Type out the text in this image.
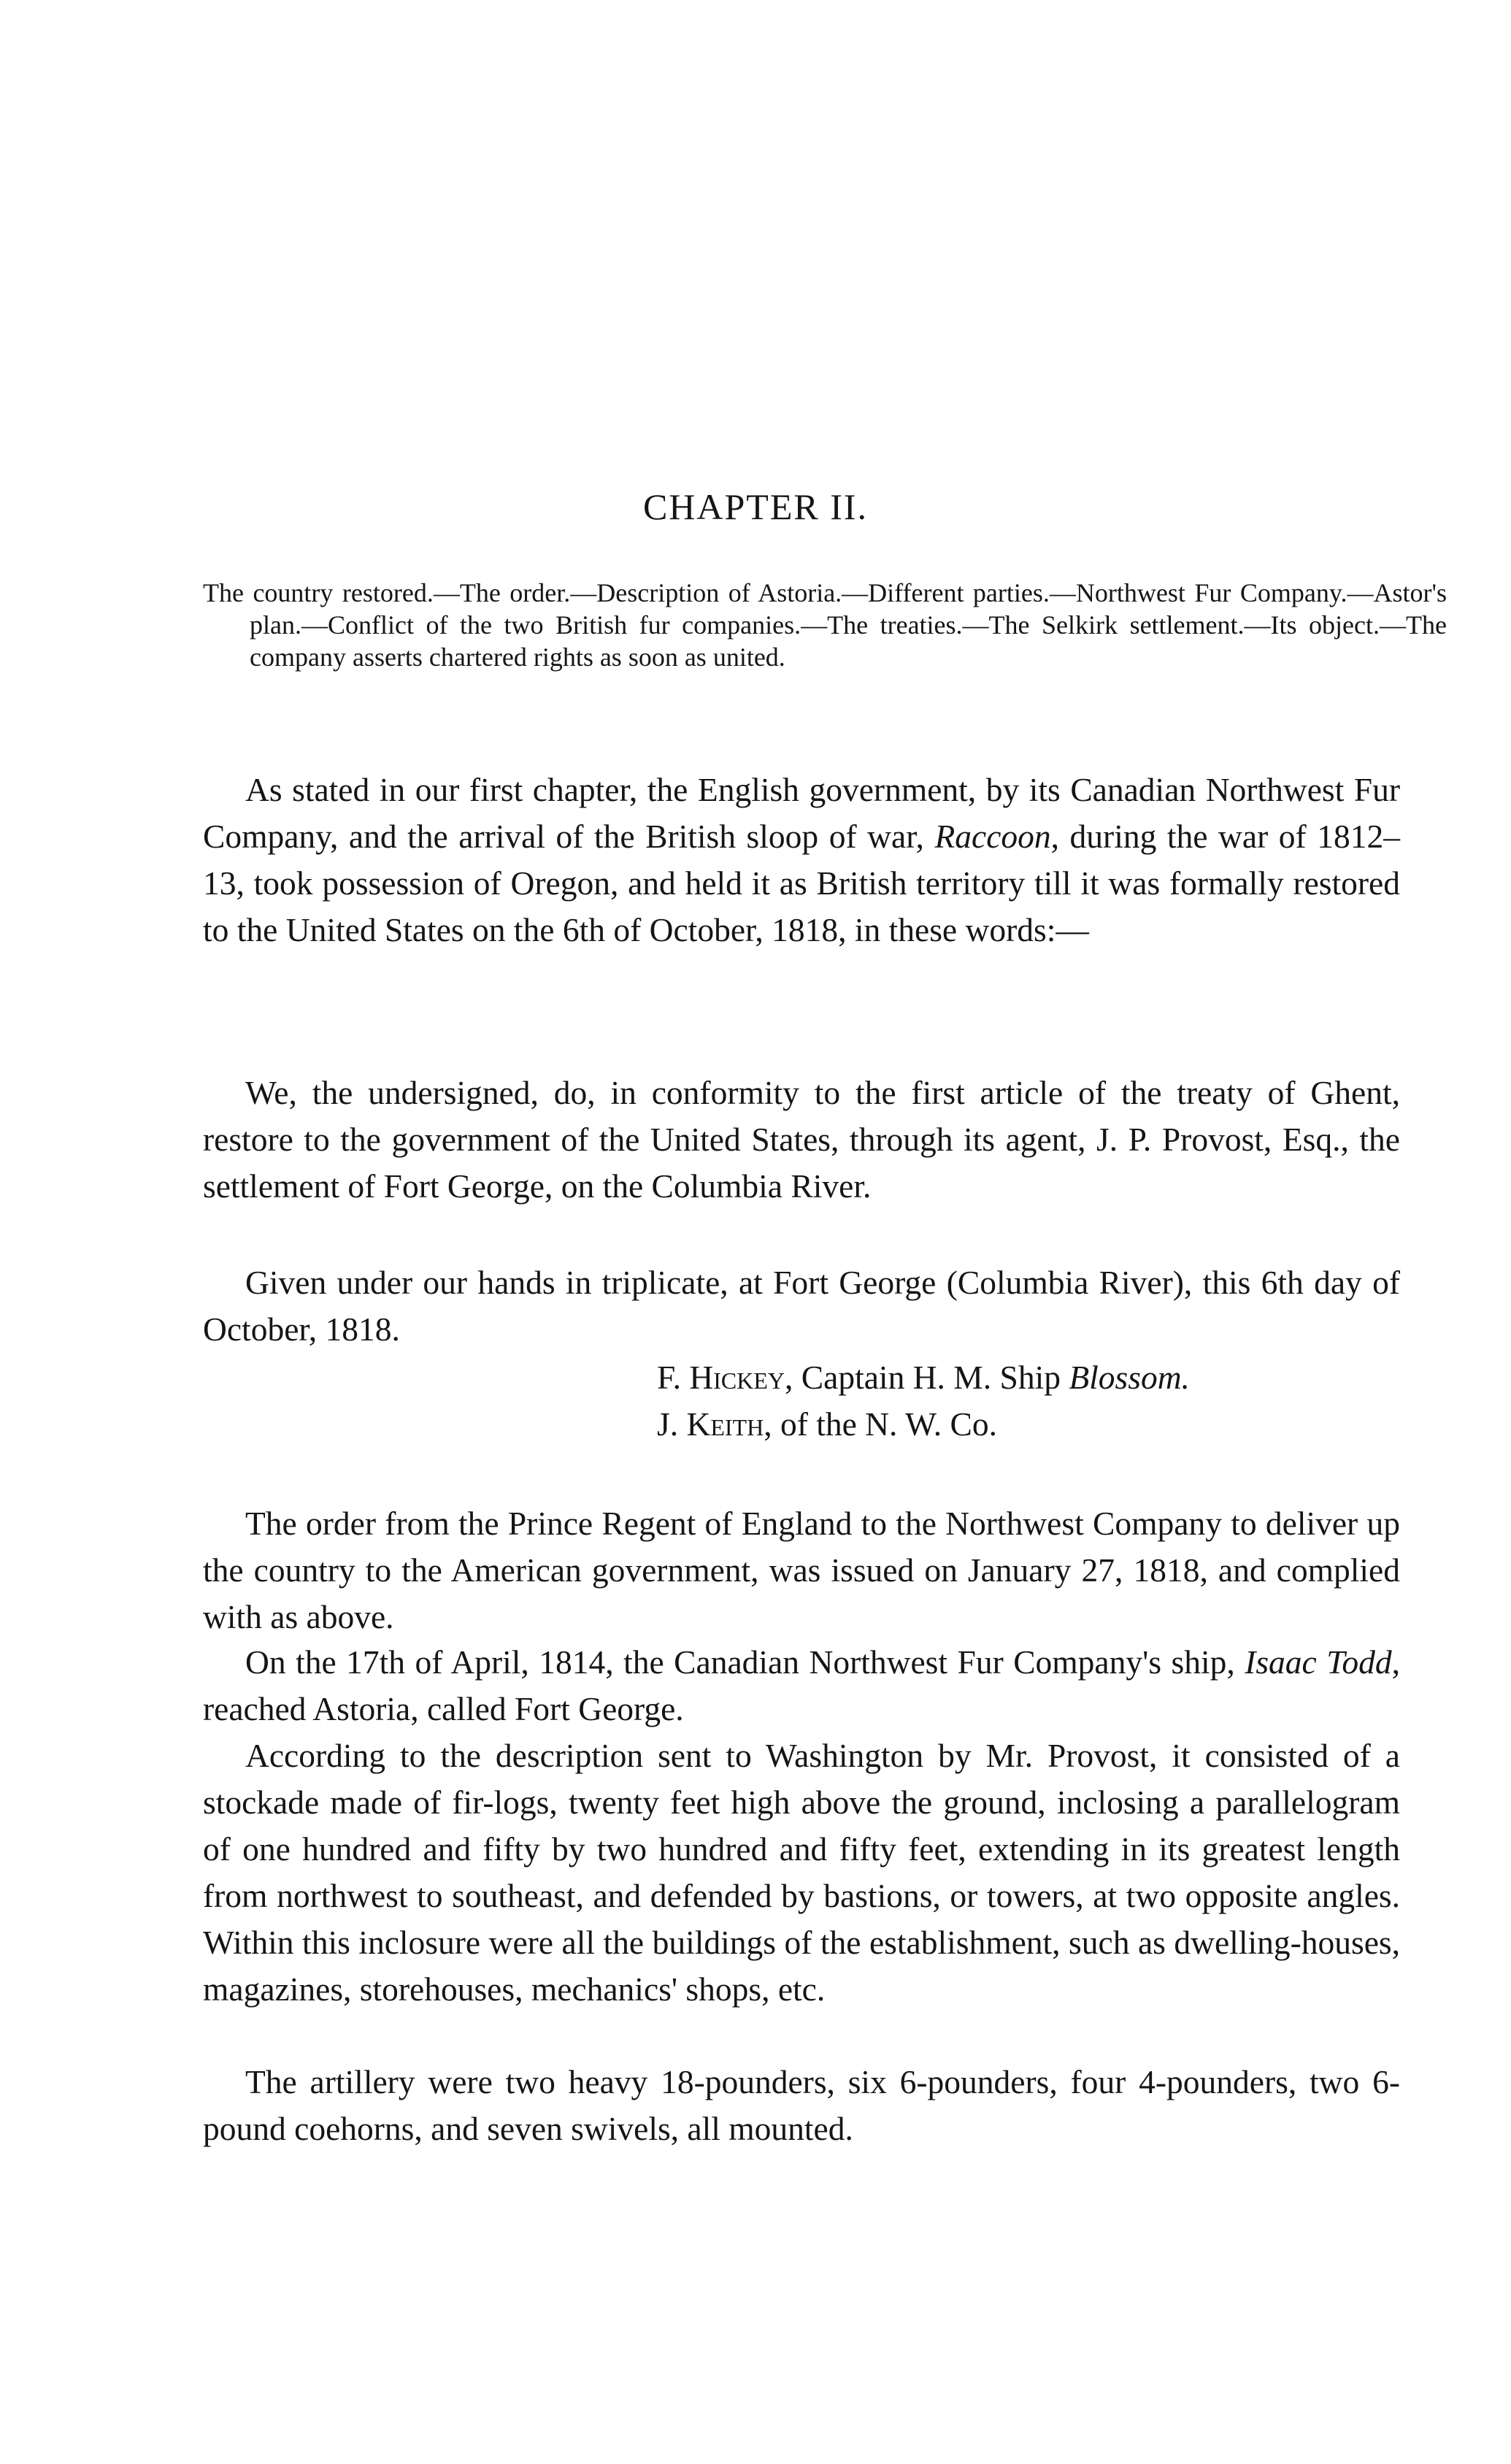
CHAPTER II.

The country restored.—The order.—Description of Astoria.—Different parties.—Northwest Fur Company.—Astor's plan.—Conflict of the two British fur companies.—The treaties.—The Selkirk settlement.—Its object.—The company asserts chartered rights as soon as united.

As stated in our first chapter, the English government, by its Canadian Northwest Fur Company, and the arrival of the British sloop of war, Raccoon, during the war of 1812–13, took possession of Oregon, and held it as British territory till it was formally restored to the United States on the 6th of October, 1818, in these words:—

We, the undersigned, do, in conformity to the first article of the treaty of Ghent, restore to the government of the United States, through its agent, J. P. Provost, Esq., the settlement of Fort George, on the Columbia River.

Given under our hands in triplicate, at Fort George (Columbia River), this 6th day of October, 1818.

F. Hickey, Captain H. M. Ship Blossom.

J. Keith, of the N. W. Co.

The order from the Prince Regent of England to the Northwest Company to deliver up the country to the American government, was issued on January 27, 1818, and complied with as above.

On the 17th of April, 1814, the Canadian Northwest Fur Company's ship, Isaac Todd, reached Astoria, called Fort George.

According to the description sent to Washington by Mr. Provost, it consisted of a stockade made of fir-logs, twenty feet high above the ground, inclosing a parallelogram of one hundred and fifty by two hundred and fifty feet, extending in its greatest length from northwest to southeast, and defended by bastions, or towers, at two opposite angles. Within this inclosure were all the buildings of the establishment, such as dwelling-houses, magazines, storehouses, mechanics' shops, etc.

The artillery were two heavy 18-pounders, six 6-pounders, four 4-pounders, two 6-pound coehorns, and seven swivels, all mounted.
